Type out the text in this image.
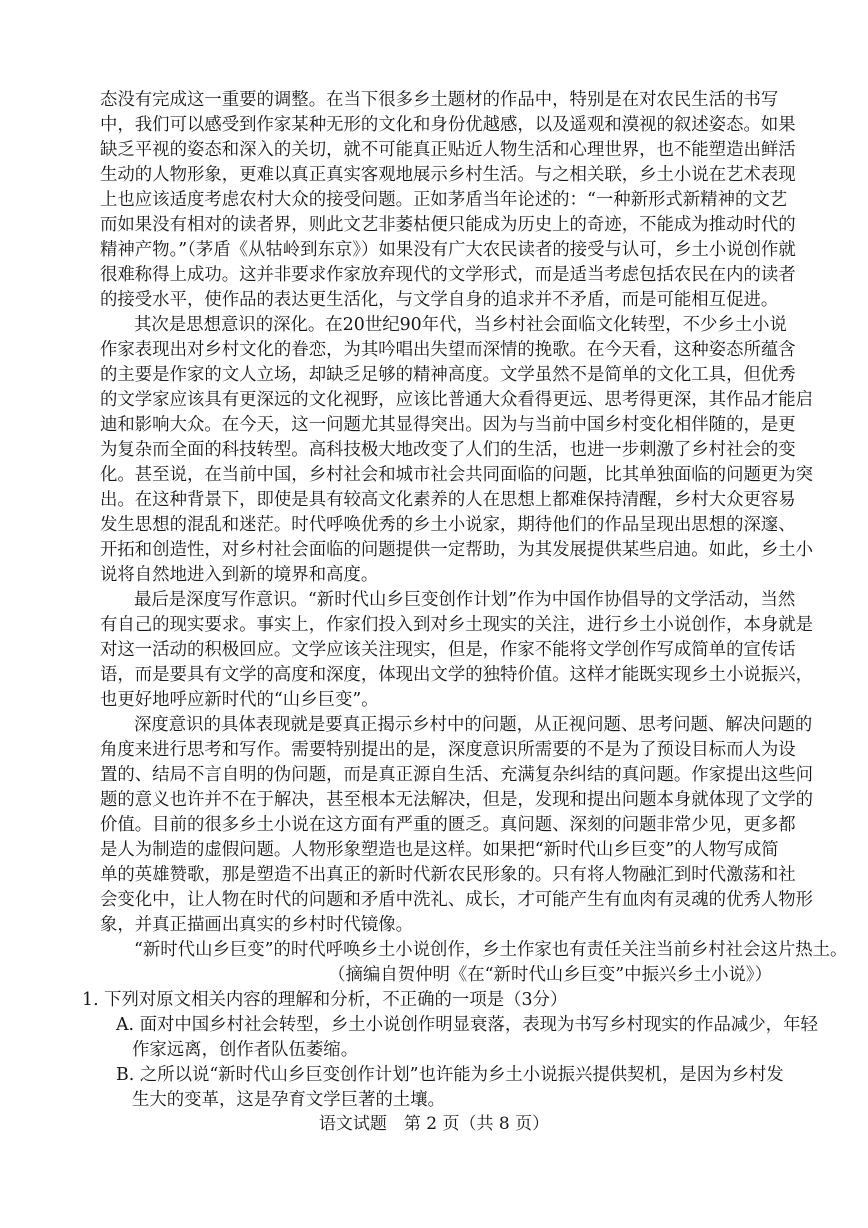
态没有完成这一重要的调整。在当下很多乡土题材的作品中，特别是在对农民生活的书写
中，我们可以感受到作家某种无形的文化和身份优越感，以及遥观和漠视的叙述姿态。如果
缺乏平视的姿态和深入的关切，就不可能真正贴近人物生活和心理世界，也不能塑造出鲜活
生动的人物形象，更难以真正真实客观地展示乡村生活。与之相关联，乡土小说在艺术表现
上也应该适度考虑农村大众的接受问题。正如茅盾当年论述的：“一种新形式新精神的文艺
而如果没有相对的读者界，则此文艺非萎枯便只能成为历史上的奇迹，不能成为推动时代的
精神产物。”（茅盾《从牯岭到东京》）如果没有广大农民读者的接受与认可，乡土小说创作就
很难称得上成功。这并非要求作家放弃现代的文学形式，而是适当考虑包括农民在内的读者
的接受水平，使作品的表达更生活化，与文学自身的追求并不矛盾，而是可能相互促进。
其次是思想意识的深化。在20世纪90年代，当乡村社会面临文化转型，不少乡土小说
作家表现出对乡村文化的眷恋，为其吟唱出失望而深情的挽歌。在今天看，这种姿态所蕴含
的主要是作家的文人立场，却缺乏足够的精神高度。文学虽然不是简单的文化工具，但优秀
的文学家应该具有更深远的文化视野，应该比普通大众看得更远、思考得更深，其作品才能启
迪和影响大众。在今天，这一问题尤其显得突出。因为与当前中国乡村变化相伴随的，是更
为复杂而全面的科技转型。高科技极大地改变了人们的生活，也进一步刺激了乡村社会的变
化。甚至说，在当前中国，乡村社会和城市社会共同面临的问题，比其单独面临的问题更为突
出。在这种背景下，即使是具有较高文化素养的人在思想上都难保持清醒，乡村大众更容易
发生思想的混乱和迷茫。时代呼唤优秀的乡土小说家，期待他们的作品呈现出思想的深邃、
开拓和创造性，对乡村社会面临的问题提供一定帮助，为其发展提供某些启迪。如此，乡土小
说将自然地进入到新的境界和高度。
最后是深度写作意识。“新时代山乡巨变创作计划”作为中国作协倡导的文学活动，当然
有自己的现实要求。事实上，作家们投入到对乡土现实的关注，进行乡土小说创作，本身就是
对这一活动的积极回应。文学应该关注现实，但是，作家不能将文学创作写成简单的宣传话
语，而是要具有文学的高度和深度，体现出文学的独特价值。这样才能既实现乡土小说振兴，
也更好地呼应新时代的“山乡巨变”。
深度意识的具体表现就是要真正揭示乡村中的问题，从正视问题、思考问题、解决问题的
角度来进行思考和写作。需要特别提出的是，深度意识所需要的不是为了预设目标而人为设
置的、结局不言自明的伪问题，而是真正源自生活、充满复杂纠结的真问题。作家提出这些问
题的意义也许并不在于解决，甚至根本无法解决，但是，发现和提出问题本身就体现了文学的
价值。目前的很多乡土小说在这方面有严重的匮乏。真问题、深刻的问题非常少见，更多都
是人为制造的虚假问题。人物形象塑造也是这样。如果把“新时代山乡巨变”的人物写成简
单的英雄赞歌，那是塑造不出真正的新时代新农民形象的。只有将人物融汇到时代激荡和社
会变化中，让人物在时代的问题和矛盾中洗礼、成长，才可能产生有血肉有灵魂的优秀人物形
象，并真正描画出真实的乡村时代镜像。
“新时代山乡巨变”的时代呼唤乡土小说创作，乡土作家也有责任关注当前乡村社会这片热土。
（摘编自贺仲明《在“新时代山乡巨变”中振兴乡土小说》）
1. 下列对原文相关内容的理解和分析，不正确的一项是（3分）
A. 面对中国乡村社会转型，乡土小说创作明显衰落，表现为书写乡村现实的作品减少，年轻
作家远离，创作者队伍萎缩。
B. 之所以说“新时代山乡巨变创作计划”也许能为乡土小说振兴提供契机，是因为乡村发
生大的变革，这是孕育文学巨著的土壤。
语文试题　第 2 页（共 8 页）
